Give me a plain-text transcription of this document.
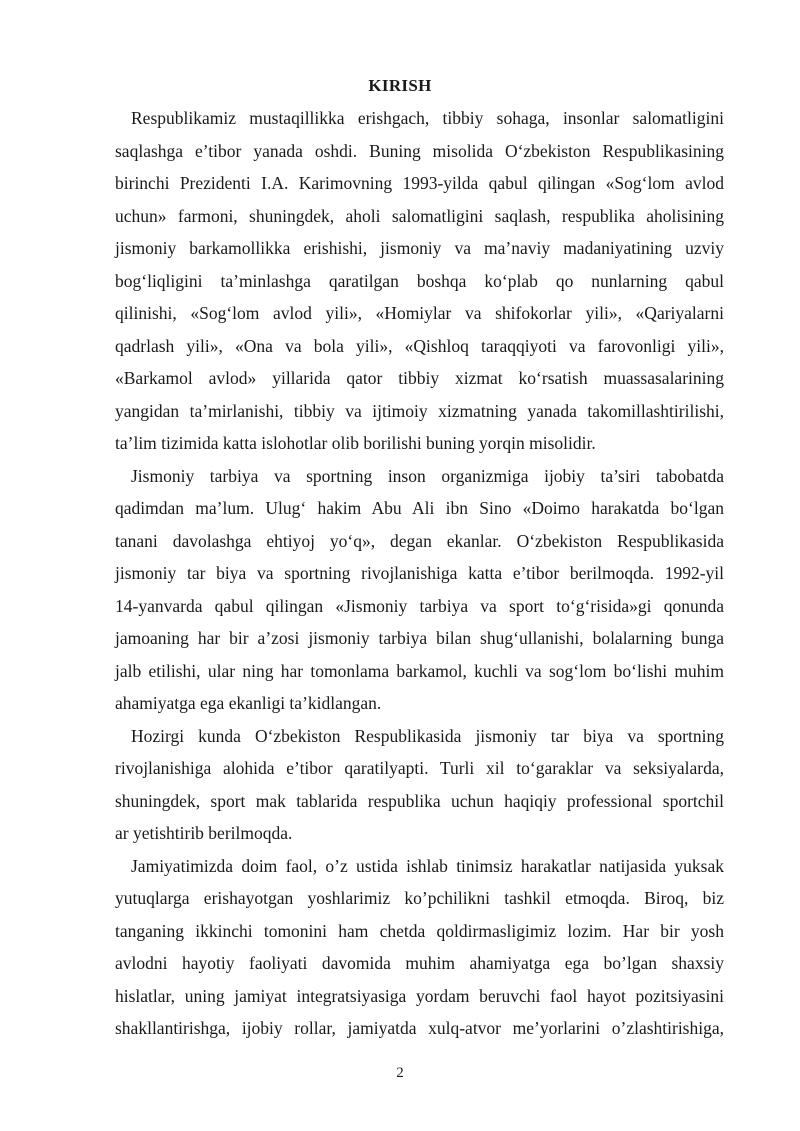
KIRISH
Respublikamiz mustaqillikka erishgach, tibbiy sohaga, insonlar salomatligini
saqlashga e’tibor yanada oshdi. Buning misolida O‘zbekiston Respublikasining
birinchi Prezidenti I.A. Karimovning 1993-yilda qabul qilingan «Sog‘lom avlod
uchun» farmoni, shuningdek, aholi salomatligini saqlash, respublika aholisining
jismoniy barkamollikka erishishi, jismoniy va ma’naviy madaniyatining uzviy
bog‘liqligini ta’minlashga qaratilgan boshqa ko‘plab qo nunlarning qabul
qilinishi, «Sog‘lom avlod yili», «Homiylar va shifokorlar yili», «Qariyalarni
qadrlash yili», «Ona va bola yili», «Qishloq taraqqiyoti va farovonligi yili»,
«Barkamol avlod» yillarida qator tibbiy xizmat ko‘rsatish muassasalarining
yangidan ta’mirlanishi, tibbiy va ijtimoiy xizmatning yanada takomillashtirilishi,
ta’lim tizimida katta islohotlar olib borilishi buning yorqin misolidir.
Jismoniy tarbiya va sportning inson organizmiga ijobiy ta’siri tabobatda
qadimdan ma’lum. Ulug‘ hakim Abu Ali ibn Sino «Doimo harakatda bo‘lgan
tanani davolashga ehtiyoj yo‘q», degan ekanlar. O‘zbekiston Respublikasida
jismoniy tar biya va sportning rivojlanishiga katta e’tibor berilmoqda. 1992-yil
14-yanvarda qabul qilingan «Jismoniy tarbiya va sport to‘g‘risida»gi qonunda
jamoaning har bir a’zosi jismoniy tarbiya bilan shug‘ullanishi, bolalarning bunga
jalb etilishi, ular ning har tomonlama barkamol, kuchli va sog‘lom bo‘lishi muhim
ahamiyatga ega ekanligi ta’kidlangan.
Hozirgi kunda O‘zbekiston Respublikasida jismoniy tar biya va sportning
rivojlanishiga alohida e’tibor qaratilyapti. Turli xil to‘garaklar va seksiyalarda,
shuningdek, sport mak tablarida respublika uchun haqiqiy professional sportchil
ar yetishtirib berilmoqda.
Jamiyatimizda doim faol, o’z ustida ishlab tinimsiz harakatlar natijasida yuksak
yutuqlarga erishayotgan yoshlarimiz ko’pchilikni tashkil etmoqda. Biroq, biz
tanganing ikkinchi tomonini ham chetda qoldirmasligimiz lozim. Har bir yosh
avlodni hayotiy faoliyati davomida muhim ahamiyatga ega bo’lgan shaxsiy
hislatlar, uning jamiyat integratsiyasiga yordam beruvchi faol hayot pozitsiyasini
shakllantirishga, ijobiy rollar, jamiyatda xulq-atvor me’yorlarini o’zlashtirishiga,
2
